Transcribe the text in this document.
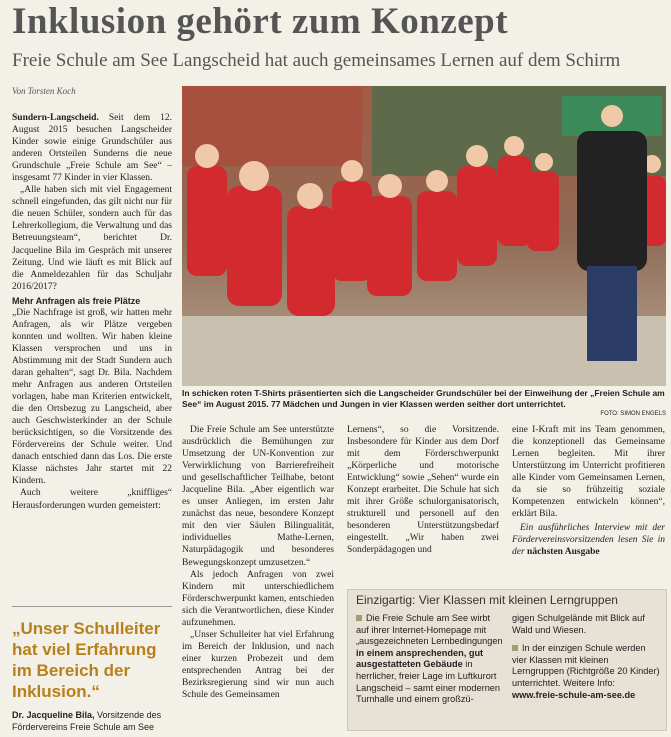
Inklusion gehört zum Konzept
Freie Schule am See Langscheid hat auch gemeinsames Lernen auf dem Schirm
Von Torsten Koch

Sundern-Langscheid. Seit dem 12. August 2015 besuchen Langscheider Kinder sowie einige Grundschüler aus anderen Ortsteilen Sunderns die neue Grundschule „Freie Schule am See“ – insgesamt 77 Kinder in vier Klassen.

„Alle haben sich mit viel Engagement schnell eingefunden, das gilt nicht nur für die neuen Schüler, sondern auch für das Lehrerkollegium, die Verwaltung und das Betreuungsteam“, berichtet Dr. Jacqueline Bila im Gespräch mit unserer Zeitung. Und wie läuft es mit Blick auf die Anmeldezahlen für das Schuljahr 2016/2017?

Mehr Anfragen als freie Plätze

„Die Nachfrage ist groß, wir hatten mehr Anfragen, als wir Plätze vergeben konnten und wollten. Wir haben kleine Klassen versprochen und uns in Abstimmung mit der Stadt Sundern auch daran gehalten“, sagt Dr. Bila. Nachdem mehr Anfragen aus anderen Ortsteilen vorlagen, habe man Kriterien entwickelt, die den Ortsbezug zu Langscheid, aber auch Geschwisterkinder an der Schule berücksichtigen, so die Vorsitzende des Fördervereins der Schule weiter. Und danach entschied dann das Los. Die erste Klasse nächstes Jahr startet mit 22 Kindern.

Auch weitere „kniffliges“ Herausforderungen wurden gemeistert:

„Unser Schulleiter hat viel Erfahrung im Bereich der Inklusion.“
Dr. Jacqueline Bila, Vorsitzende des Fördervereins Freie Schule am See
In schicken roten T-Shirts präsentierten sich die Langscheider Grundschüler bei der Einweihung der „Freien Schule am See“ im August 2015. 77 Mädchen und Jungen in vier Klassen werden seither dort unterrichtet.
FOTO: SIMON ENGELS

Die Freie Schule am See unterstützte ausdrücklich die Bemühungen zur Umsetzung der UN-Konvention zur Verwirklichung von Barrierefreiheit und gesellschaftlicher Teilhabe, betont Jacqueline Bila. „Aber eigentlich war es unser Anliegen, im ersten Jahr zunächst das neue, besondere Konzept mit den vier Säulen Bilingualität, individuelles Mathe-Lernen, Naturpädagogik und besonderes Bewegungskonzept umzusetzen.“

Als jedoch Anfragen von zwei Kindern mit unterschiedlichem Förderschwerpunkt kamen, entschieden sich die Verantwortlichen, diese Kinder aufzunehmen.

„Unser Schulleiter hat viel Erfahrung im Bereich der Inklusion, und nach einer kurzen Probezeit und dem entsprechenden Antrag bei der Bezirksregierung sind wir nun auch Schule des Gemeinsamen

Lernens“, so die Vorsitzende. Insbesondere für Kinder aus dem Dorf mit dem Förderschwerpunkt „Körperliche und motorische Entwicklung“ sowie „Sehen“ wurde ein Konzept erarbeitet. Die Schule hat sich mit ihrer Größe schulorganisatorisch, strukturell und personell auf den besonderen Unterstützungsbedarf eingestellt. „Wir haben zwei Sonderpädagogen und

eine I-Kraft mit ins Team genommen, die konzeptionell das Gemeinsame Lernen begleiten. Mit ihrer Unterstützung im Unterricht profitieren alle Kinder vom Gemeinsamen Lernen, da sie so frühzeitig soziale Kompetenzen entwickeln können“, erklärt Bila.

Ein ausführliches Interview mit der Fördervereinsvorsitzenden lesen Sie in der nächsten Ausgabe

Einzigartig: Vier Klassen mit kleinen Lerngruppen
Die Freie Schule am See wirbt auf ihrer Internet-Homepage mit „ausgezeichneten Lernbedingungen in einem ansprechenden, gut ausgestatteten Gebäude in herrlicher, freier Lage im Luftkurort Langscheid – samt einer modernen Turnhalle und einem großzü-
gigen Schulgelände mit Blick auf Wald und Wiesen.
In der einzigen Schule werden vier Klassen mit kleinen Lerngruppen (Richtgröße 20 Kinder) unterrichtet. Weitere Info: www.freie-schule-am-see.de
